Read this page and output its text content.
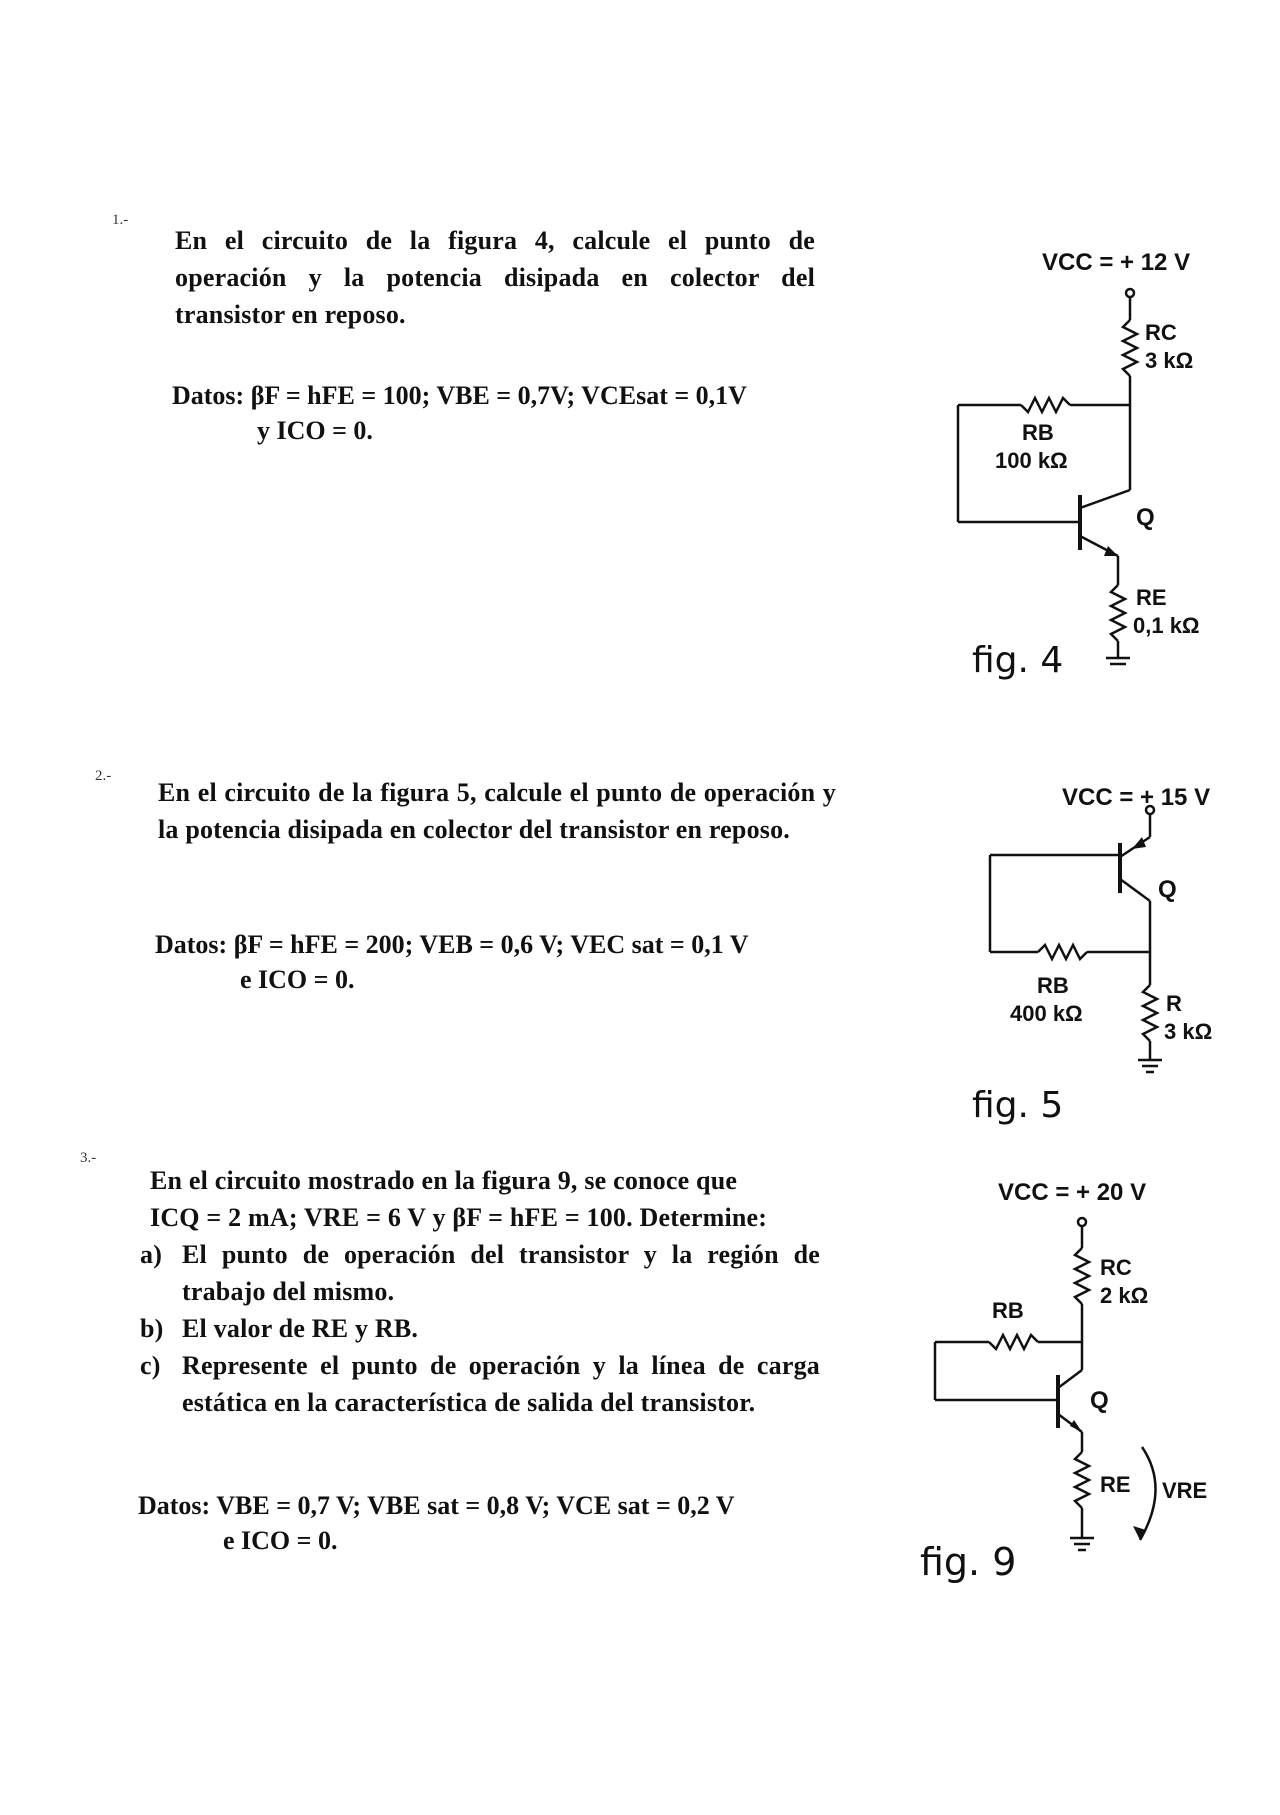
1.-

En el circuito de la figura 4, calcule el punto de operación y la potencia disipada en colector del transistor en reposo.

Datos: βF = hFE = 100; VBE = 0,7V; VCEsat = 0,1V
y ICO = 0.
VCC = + 12 V
RC
3 kΩ
RB
100 kΩ
Q
RE
0,1 kΩ
fig. 4
2.-

En el circuito de la figura 5, calcule el punto de operación y la potencia disipada en colector del transistor en reposo.

Datos: βF = hFE = 200; VEB = 0,6 V; VEC sat = 0,1 V
e ICO = 0.
VCC = + 15 V
Q
RB
400 kΩ	R
3 kΩ
fig. 5
3.-
En el circuito mostrado en la figura 9, se conoce que
ICQ = 2 mA; VRE = 6 V y βF = hFE = 100. Determine:
a) El punto de operación del transistor y la región de trabajo del mismo.
b) El valor de RE y RB.
c) Represente el punto de operación y la línea de carga estática en la característica de salida del transistor.
Datos: VBE = 0,7 V; VBE sat = 0,8 V; VCE sat = 0,2 V
e ICO = 0.
VCC = + 20 V
RC
2 kΩ
RB
Q
RE VRE
fig. 9
